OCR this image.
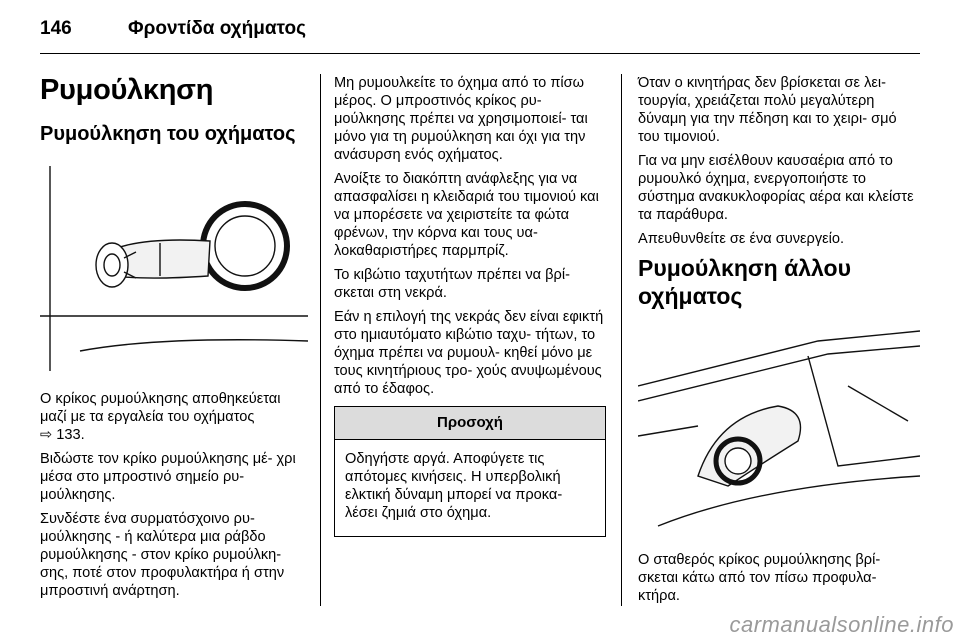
146	Φροντίδα οχήματος
Ρυμούλκηση
Ρυμούλκηση του οχήματος

Ο κρίκος ρυμούλκησης αποθηκεύεται μαζί με τα εργαλεία του οχήματος
⇨ 133.

Βιδώστε τον κρίκο ρυμούλκησης μέ- χρι μέσα στο μπροστινό σημείο ρυ- μούλκησης.

Συνδέστε ένα συρματόσχοινο ρυ- μούλκησης - ή καλύτερα μια ράβδο ρυμούλκησης - στον κρίκο ρυμούλκη- σης, ποτέ στον προφυλακτήρα ή στην μπροστινή ανάρτηση.

Μη ρυμουλκείτε το όχημα από το πίσω μέρος. Ο μπροστινός κρίκος ρυ- μούλκησης πρέπει να χρησιμοποιεί- ται μόνο για τη ρυμούλκηση και όχι για την ανάσυρση ενός οχήματος.

Ανοίξτε το διακόπτη ανάφλεξης για να απασφαλίσει η κλειδαριά του τιμονιού και να μπορέσετε να χειριστείτε τα φώτα φρένων, την κόρνα και τους υα- λοκαθαριστήρες παρμπρίζ.

Το κιβώτιο ταχυτήτων πρέπει να βρί- σκεται στη νεκρά.

Εάν η επιλογή της νεκράς δεν είναι εφικτή στο ημιαυτόματο κιβώτιο ταχυ- τήτων, το όχημα πρέπει να ρυμουλ- κηθεί μόνο με τους κινητήριους τρο- χούς ανυψωμένους από το έδαφος.

Προσοχή
Οδηγήστε αργά. Αποφύγετε τις απότομες κινήσεις. Η υπερβολική ελκτική δύναμη μπορεί να προκα- λέσει ζημιά στο όχημα.

Όταν ο κινητήρας δεν βρίσκεται σε λει- τουργία, χρειάζεται πολύ μεγαλύτερη δύναμη για την πέδηση και το χειρι- σμό του τιμονιού.

Για να μην εισέλθουν καυσαέρια από το ρυμουλκό όχημα, ενεργοποιήστε το σύστημα ανακυκλοφορίας αέρα και κλείστε τα παράθυρα.

Απευθυνθείτε σε ένα συνεργείο.

Ρυμούλκηση άλλου οχήματος

Ο σταθερός κρίκος ρυμούλκησης βρί- σκεται κάτω από τον πίσω προφυλα- κτήρα.

carmanualsonline.info
